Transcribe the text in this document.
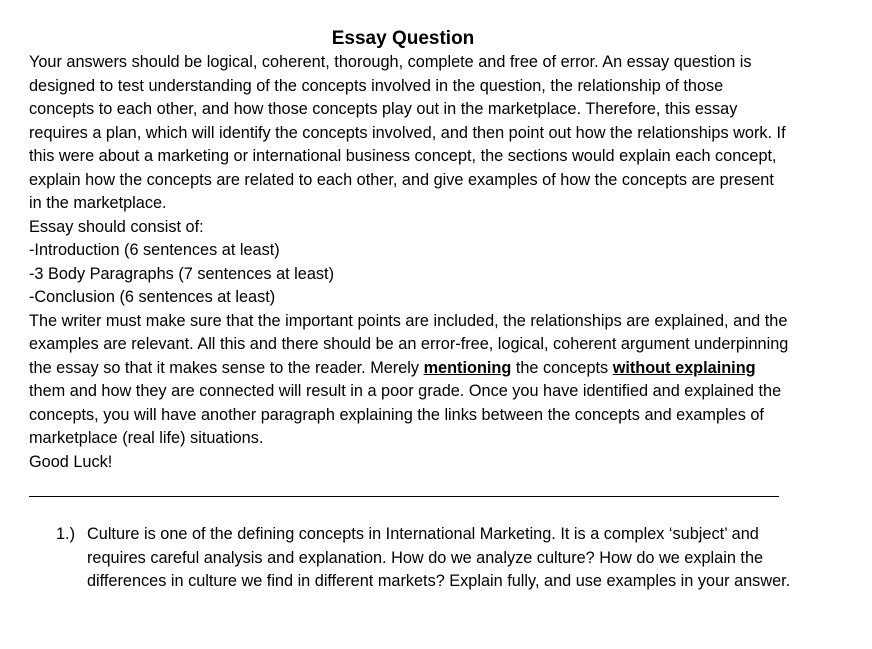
Essay Question

Your answers should be logical, coherent, thorough, complete and free of error. An essay question is designed to test understanding of the concepts involved in the question, the relationship of those concepts to each other, and how those concepts play out in the marketplace. Therefore, this essay requires a plan, which will identify the concepts involved, and then point out how the relationships work. If this were about a marketing or international business concept, the sections would explain each concept, explain how the concepts are related to each other, and give examples of how the concepts are present in the marketplace.

Essay should consist of:

-Introduction (6 sentences at least)
-3 Body Paragraphs (7 sentences at least)
-Conclusion (6 sentences at least)

The writer must make sure that the important points are included, the relationships are explained, and the examples are relevant. All this and there should be an error-free, logical, coherent argument underpinning the essay so that it makes sense to the reader. Merely mentioning the concepts without explaining them and how they are connected will result in a poor grade. Once you have identified and explained the concepts, you will have another paragraph explaining the links between the concepts and examples of marketplace (real life) situations.

Good Luck!

1.) Culture is one of the defining concepts in International Marketing. It is a complex ‘subject’ and requires careful analysis and explanation. How do we analyze culture? How do we explain the differences in culture we find in different markets? Explain fully, and use examples in your answer.
